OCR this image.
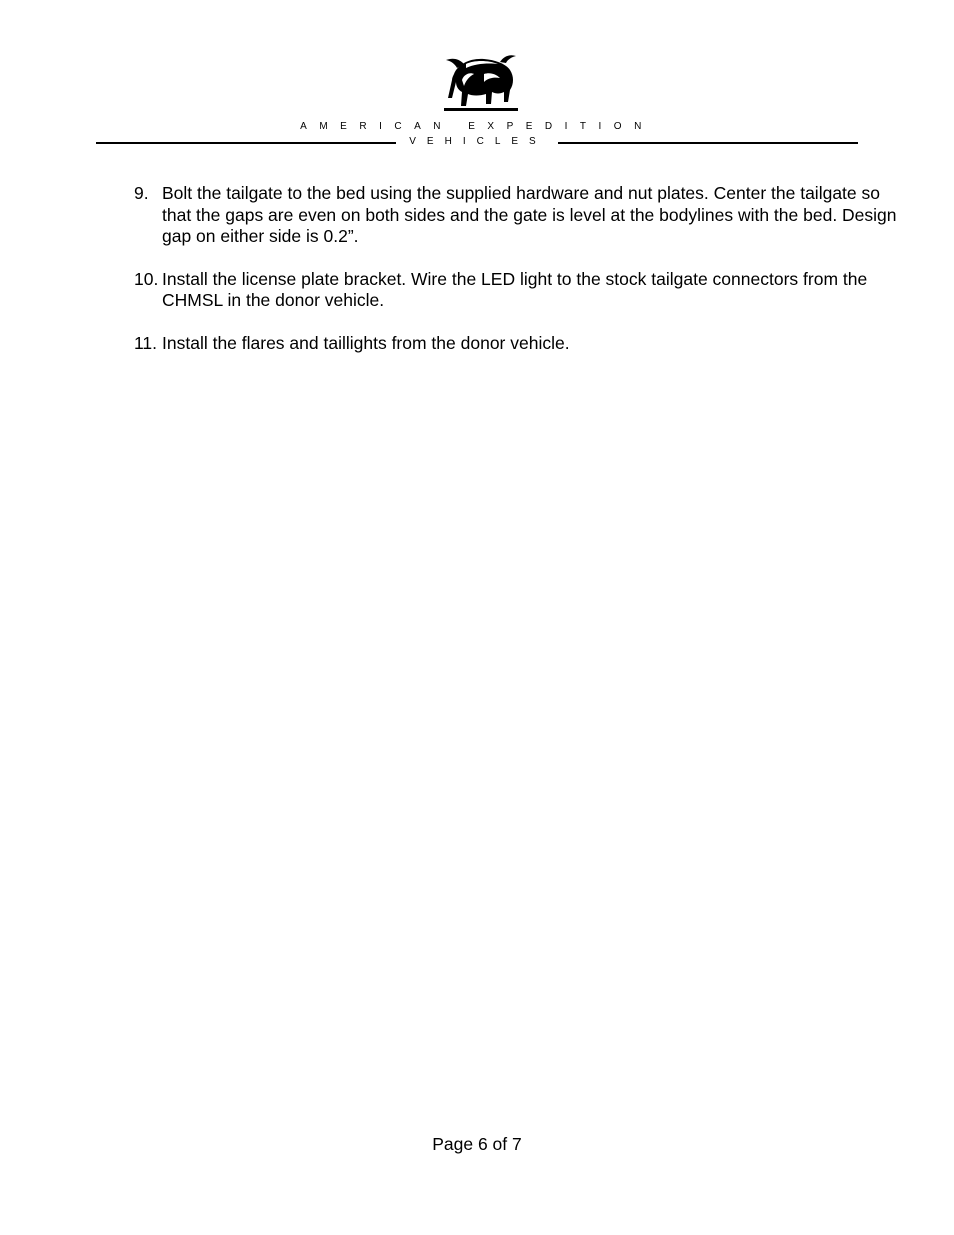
AMERICAN EXPEDITION
VEHICLES
9. Bolt the tailgate to the bed using the supplied hardware and nut plates. Center the tailgate so that the gaps are even on both sides and the gate is level at the bodylines with the bed. Design gap on either side is 0.2”.
10. Install the license plate bracket. Wire the LED light to the stock tailgate connectors from the CHMSL in the donor vehicle.
11. Install the flares and taillights from the donor vehicle.
Page 6 of 7
